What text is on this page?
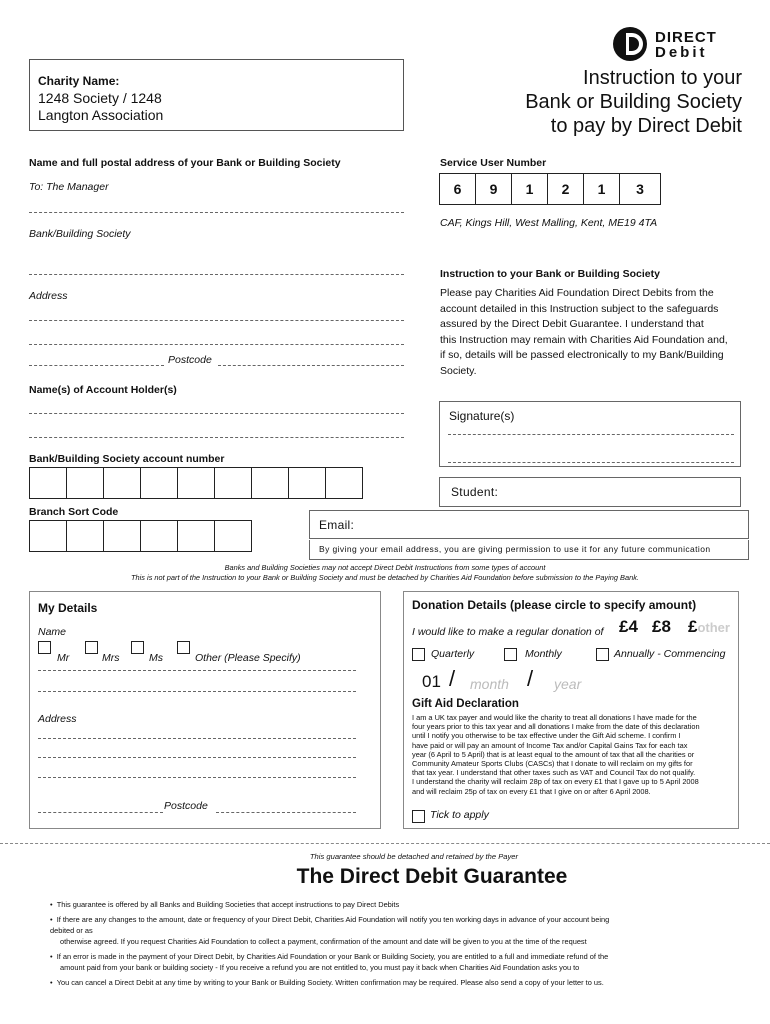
DIRECT
Debit
Charity Name:
1248 Society / 1248
Langton Association
Instruction to your
Bank or Building Society
to pay by Direct Debit
Name and full postal address of your Bank or Building Society
To: The Manager
Bank/Building Society
Address
Postcode
Name(s) of Account Holder(s)
Bank/Building Society account number
Branch Sort Code
Service User Number
6	9	1	2	1	3
CAF, Kings Hill, West Malling, Kent, ME19 4TA
Instruction to your Bank or Building Society
Please pay Charities Aid Foundation Direct Debits from the
account detailed in this Instruction subject to the safeguards
assured by the Direct Debit Guarantee. I understand that
this Instruction may remain with Charities Aid Foundation and,
if so, details will be passed electronically to my Bank/Building
Society.
Signature(s)
Student:
Email:
By giving your email address, you are giving permission to use it for any future communication
Banks and Building Societies may not accept Direct Debit Instructions from some types of account
This is not part of the Instruction to your Bank or Building Society and must be detached by Charities Aid Foundation before submission to the Paying Bank.
My Details
Name
Mr	Mrs	Ms	Other (Please Specify)
Address
Postcode
Donation Details (please circle to specify amount)
I would like to make a regular donation of £4 £8 £other
Quarterly	Monthly	Annually - Commencing
01 / month / year
Gift Aid Declaration
I am a UK tax payer and would like the charity to treat all donations I have made for the
four years prior to this tax year and all donations I make from the date of this declaration
until I notify you otherwise to be tax effective under the Gift Aid scheme. I confirm I
have paid or will pay an amount of Income Tax and/or Capital Gains Tax for each tax
year (6 April to 5 April) that is at least equal to the amount of tax that all the charities or
Community Amateur Sports Clubs (CASCs) that I donate to will reclaim on my gifts for
that tax year. I understand that other taxes such as VAT and Council Tax do not qualify.
I understand the charity will reclaim 28p of tax on every £1 that I gave up to 5 April 2008
and will reclaim 25p of tax on every £1 that I give on or after 6 April 2008.
Tick to apply
This guarantee should be detached and retained by the Payer
The Direct Debit Guarantee
•  This guarantee is offered by all Banks and Building Societies that accept instructions to pay Direct Debits
•  If there are any changes to the amount, date or frequency of your Direct Debit, Charities Aid Foundation will notify you ten working days in advance of your account being
debited or as
otherwise agreed. If you request Charities Aid Foundation to collect a payment, confirmation of the amount and date will be given to you at the time of the request
•  If an error is made in the payment of your Direct Debit, by Charities Aid Foundation or your Bank or Building Society, you are entitled to a full and immediate refund of the
amount paid from your bank or building society - If you receive a refund you are not entitled to, you must pay it back when Charities Aid Foundation asks you to
•  You can cancel a Direct Debit at any time by writing to your Bank or Building Society. Written confirmation may be required. Please also send a copy of your letter to us.
